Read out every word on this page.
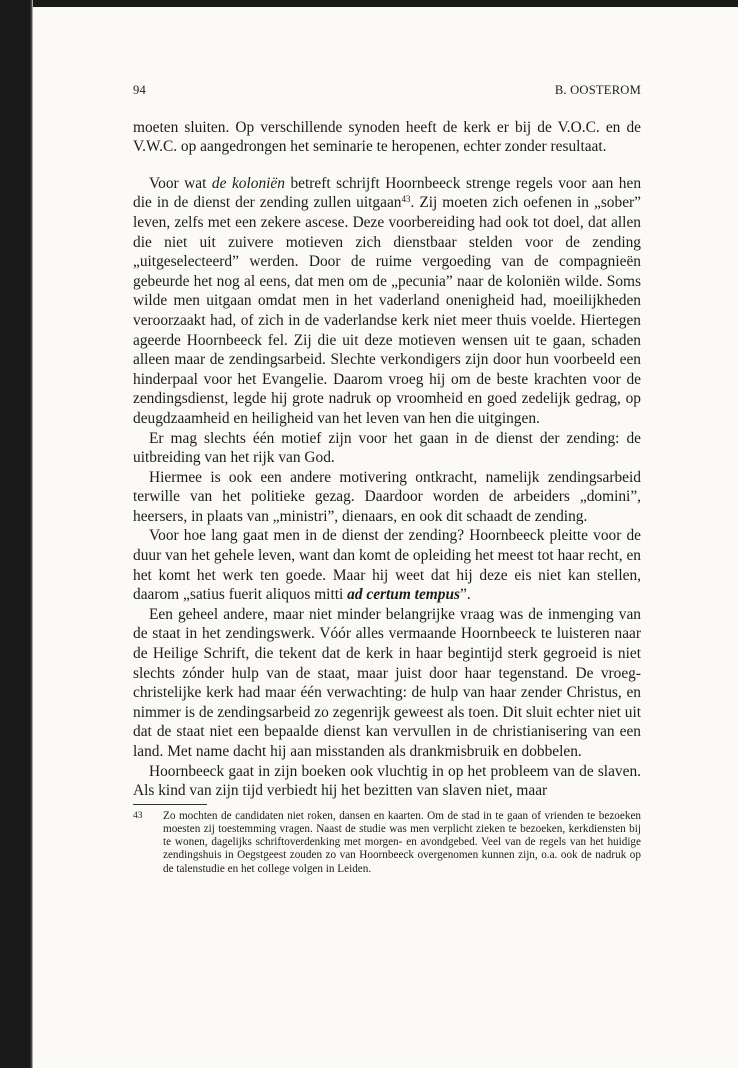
94	B. OOSTEROM

moeten sluiten. Op verschillende synoden heeft de kerk er bij de V.O.C. en de V.W.C. op aangedrongen het seminarie te heropenen, echter zonder resultaat.

Voor wat de koloniën betreft schrijft Hoornbeeck strenge regels voor aan hen die in de dienst der zending zullen uitgaan$^{43}$. Zij moeten zich oefenen in „sober” leven, zelfs met een zekere ascese. Deze voorbereiding had ook tot doel, dat allen die niet uit zuivere motieven zich dienstbaar stelden voor de zending „uitgeselecteerd” werden. Door de ruime vergoeding van de compagnieën gebeurde het nog al eens, dat men om de „pecunia” naar de koloniën wilde. Soms wilde men uitgaan omdat men in het vaderland onenigheid had, moeilijkheden veroorzaakt had, of zich in de vaderlandse kerk niet meer thuis voelde. Hiertegen ageerde Hoornbeeck fel. Zij die uit deze motieven wensen uit te gaan, schaden alleen maar de zendingsarbeid. Slechte verkondigers zijn door hun voorbeeld een hinderpaal voor het Evangelie. Daarom vroeg hij om de beste krachten voor de zendingsdienst, legde hij grote nadruk op vroomheid en goed zedelijk gedrag, op deugdzaamheid en heiligheid van het leven van hen die uitgingen.

Er mag slechts één motief zijn voor het gaan in de dienst der zending: de uitbreiding van het rijk van God.

Hiermee is ook een andere motivering ontkracht, namelijk zendingsarbeid terwille van het politieke gezag. Daardoor worden de arbeiders „domini”, heersers, in plaats van „ministri”, dienaars, en ook dit schaadt de zending.

Voor hoe lang gaat men in de dienst der zending? Hoornbeeck pleitte voor de duur van het gehele leven, want dan komt de opleiding het meest tot haar recht, en het komt het werk ten goede. Maar hij weet dat hij deze eis niet kan stellen, daarom „satius fuerit aliquos mitti ad certum tempus”.

Een geheel andere, maar niet minder belangrijke vraag was de inmenging van de staat in het zendingswerk. Vóór alles vermaande Hoornbeeck te luisteren naar de Heilige Schrift, die tekent dat de kerk in haar begintijd sterk gegroeid is niet slechts zónder hulp van de staat, maar juist door haar tegenstand. De vroeg-christelijke kerk had maar één verwachting: de hulp van haar zender Christus, en nimmer is de zendingsarbeid zo zegenrijk geweest als toen. Dit sluit echter niet uit dat de staat niet een bepaalde dienst kan vervullen in de christianisering van een land. Met name dacht hij aan misstanden als drankmisbruik en dobbelen.

Hoornbeeck gaat in zijn boeken ook vluchtig in op het probleem van de slaven. Als kind van zijn tijd verbiedt hij het bezitten van slaven niet, maar

43	Zo mochten de candidaten niet roken, dansen en kaarten. Om de stad in te gaan of vrienden te bezoeken moesten zij toestemming vragen. Naast de studie was men verplicht zieken te bezoeken, kerkdiensten bij te wonen, dagelijks schriftoverdenking met morgen- en avondgebed. Veel van de regels van het huidige zendingshuis in Oegstgeest zouden zo van Hoornbeeck overgenomen kunnen zijn, o.a. ook de nadruk op de talenstudie en het college volgen in Leiden.
